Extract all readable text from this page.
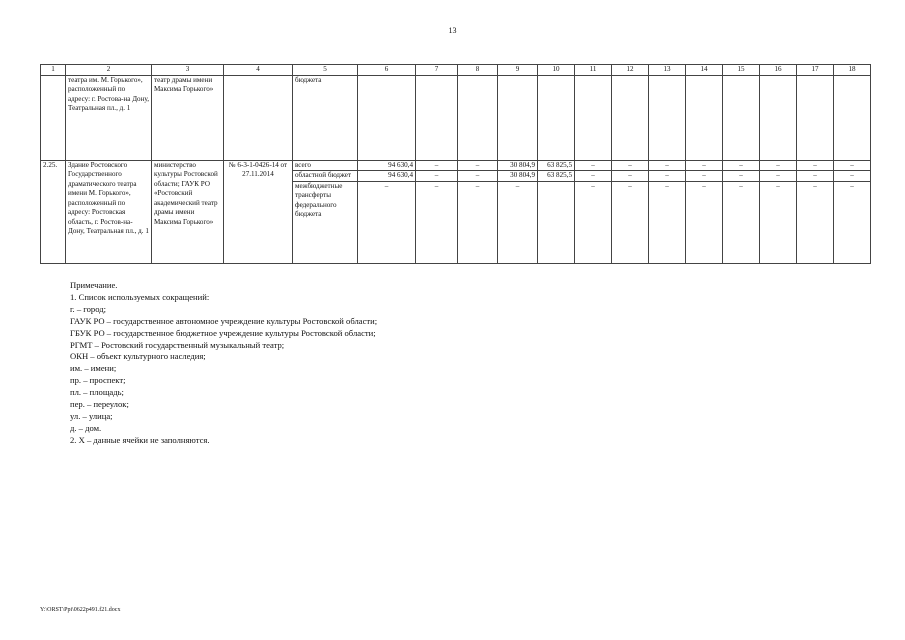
13
1	2	3	4	5	6	7	8	9	10	11	12	13	14	15	16	17	18
	театра им. М. Горького», расположенный по адресу: г. Ростова-на Дону, Театральная пл., д. 1	театр драмы имени Максима Горького»		бюджета													
2.25.	Здание Ростовского Государственного драматического театра имени М. Горького», расположенный по адресу: Ростовская область, г. Ростов-на-Дону, Театральная пл., д. 1	министерство культуры Ростовской области; ГАУК РО «Ростовский академический театр драмы имени Максима Горького»	№ 6-3-1-0426-14 от 27.11.2014	всего	94 630,4	–	–	30 804,9	63 825,5	–	–	–	–	–	–	–	–
				областной бюджет	94 630,4	–	–	30 804,9	63 825,5	–	–	–	–	–	–	–	–
				межбюджетные трансферты федерального бюджета	–	–	–	–		–	–	–	–	–	–	–	–
Примечание.
1. Список используемых сокращений:
г. – город;
ГАУК РО – государственное автономное учреждение культуры Ростовской области;
ГБУК РО – государственное бюджетное учреждение культуры Ростовской области;
РГМТ – Ростовский государственный музыкальный театр;
ОКН – объект культурного наследия;
им. – имени;
пр. – проспект;
пл. – площадь;
пер. – переулок;
ул. – улица;
д. – дом.
2. Х – данные ячейки не заполняются.
Y:\ORST\Ppi\0622p491.f21.docx
